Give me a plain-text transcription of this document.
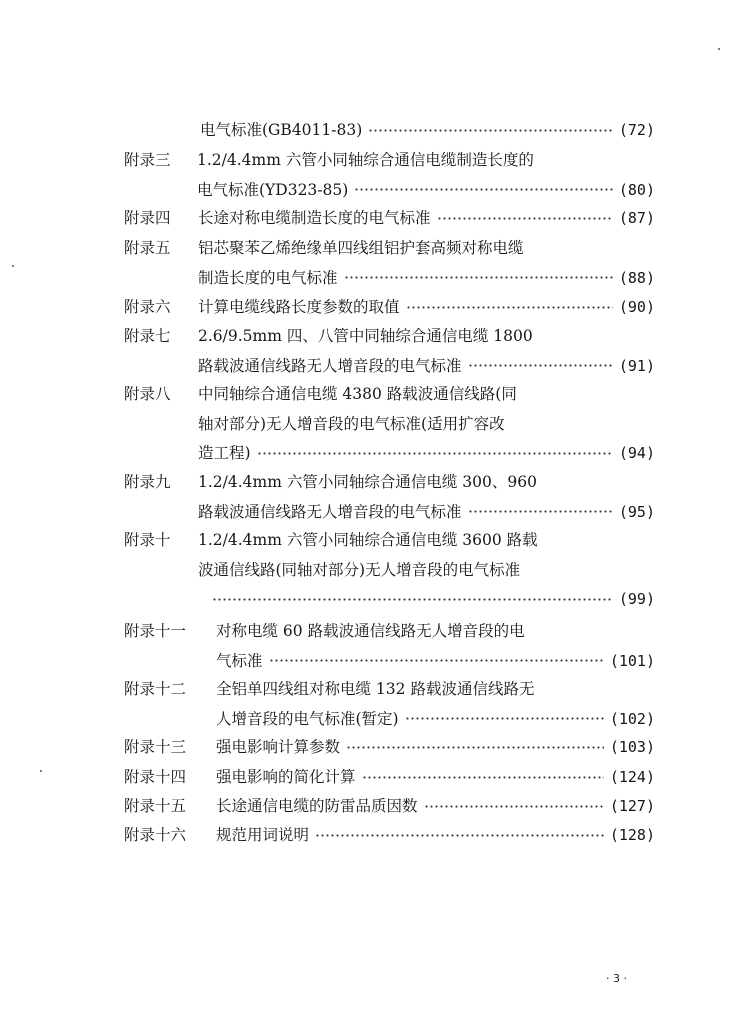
电气标准(GB4011-83)	(72)
附录三 1.2/4.4mm 六管小同轴综合通信电缆制造长度的
电气标准(YD323-85)	(80)
附录四 长途对称电缆制造长度的电气标准	(87)
附录五 铝芯聚苯乙烯绝缘单四线组铝护套高频对称电缆
制造长度的电气标准	(88)
附录六 计算电缆线路长度参数的取值	(90)
附录七 2.6/9.5mm 四、八管中同轴综合通信电缆 1800
路载波通信线路无人增音段的电气标准	(91)
附录八 中同轴综合通信电缆 4380 路载波通信线路(同
轴对部分)无人增音段的电气标准(适用扩容改
造工程)	(94)
附录九 1.2/4.4mm 六管小同轴综合通信电缆 300、960
路载波通信线路无人增音段的电气标准	(95)
附录十 1.2/4.4mm 六管小同轴综合通信电缆 3600 路载
波通信线路(同轴对部分)无人增音段的电气标准
(99)
附录十一 对称电缆 60 路载波通信线路无人增音段的电
气标准	(101)
附录十二 全铝单四线组对称电缆 132 路载波通信线路无
人增音段的电气标准(暂定)	(102)
附录十三 强电影响计算参数	(103)
附录十四 强电影响的简化计算	(124)
附录十五 长途通信电缆的防雷品质因数	(127)
附录十六 规范用词说明	(128)
· 3 ·
